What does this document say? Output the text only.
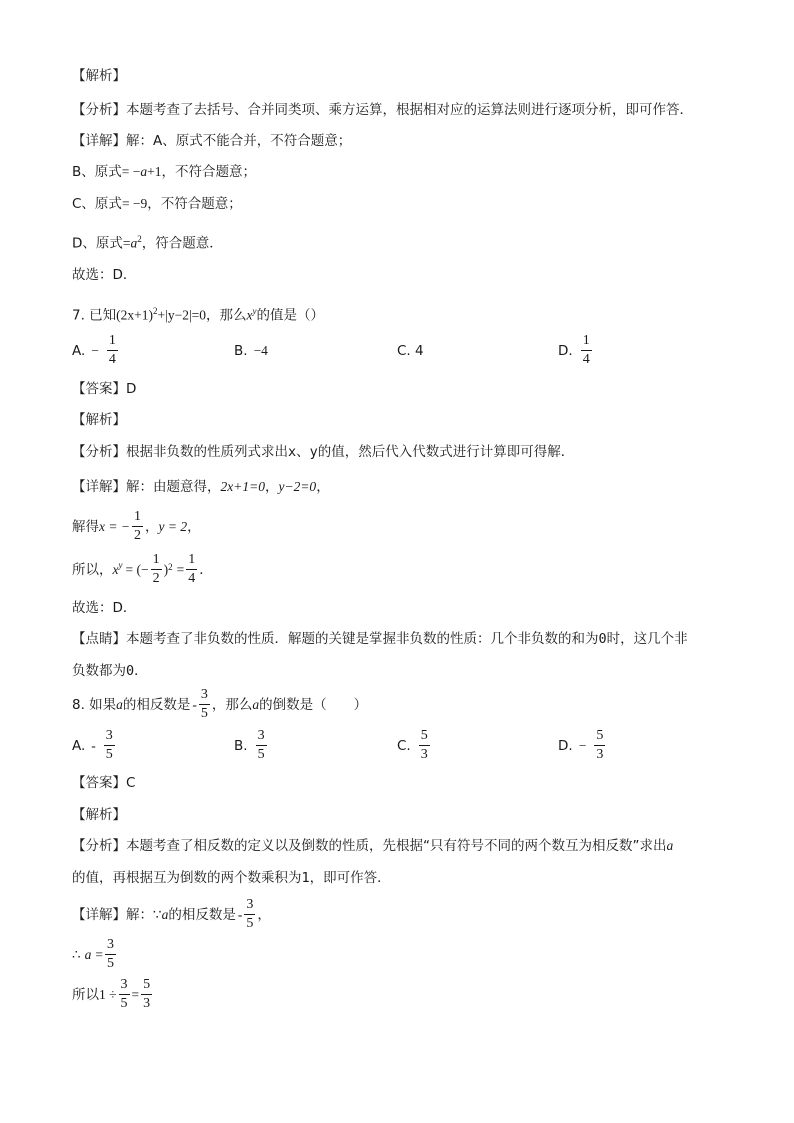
【解析】
【分析】本题考查了去括号、合并同类项、乘方运算，根据相对应的运算法则进行逐项分析，即可作答．
【详解】解：A、原式不能合并，不符合题意；
B、原式= −a+1，不符合题意；
C、原式= −9，不符合题意；
D、原式$=a^2$，符合题意．
故选：D．
7. 已知$(2x+1)^2+|y-2|=0$，那么$x^y$的值是（）
A. − $\frac{1}{4}$	B. −4	C. 4	D. $\frac{1}{4}$
【答案】D
【解析】
【分析】根据非负数的性质列式求出x、y的值，然后代入代数式进行计算即可得解．
【详解】解：由题意得，2x+1=0，y−2=0，
解得 x = − $\frac{1}{2}$ ， y = 2 ，
所以， $x^y$ = (− $\frac{1}{2}$ ) $2 = \frac{1}{4}$ ．
故选：D．
【点睛】本题考查了非负数的性质．解题的关键是掌握非负数的性质：几个非负数的和为0时，这几个非
负数都为0．
8. 如果 a 的相反数是 - $\frac{3}{5}$ ，那么 a 的倒数是（　　）
A. - $\frac{3}{5}$	B. $\frac{3}{5}$	C. $\frac{5}{3}$	D. − $\frac{5}{3}$
【答案】C
【解析】
【分析】本题考查了相反数的定义以及倒数的性质，先根据“只有符号不同的两个数互为相反数”求出a
的值，再根据互为倒数的两个数乘积为1，即可作答．
【详解】解：∵ a 的相反数是 - $\frac{3}{5}$ ，
∴ $a = \frac{3}{5}$
所以 $1 \div \frac{3}{5} = \frac{5}{3}$
